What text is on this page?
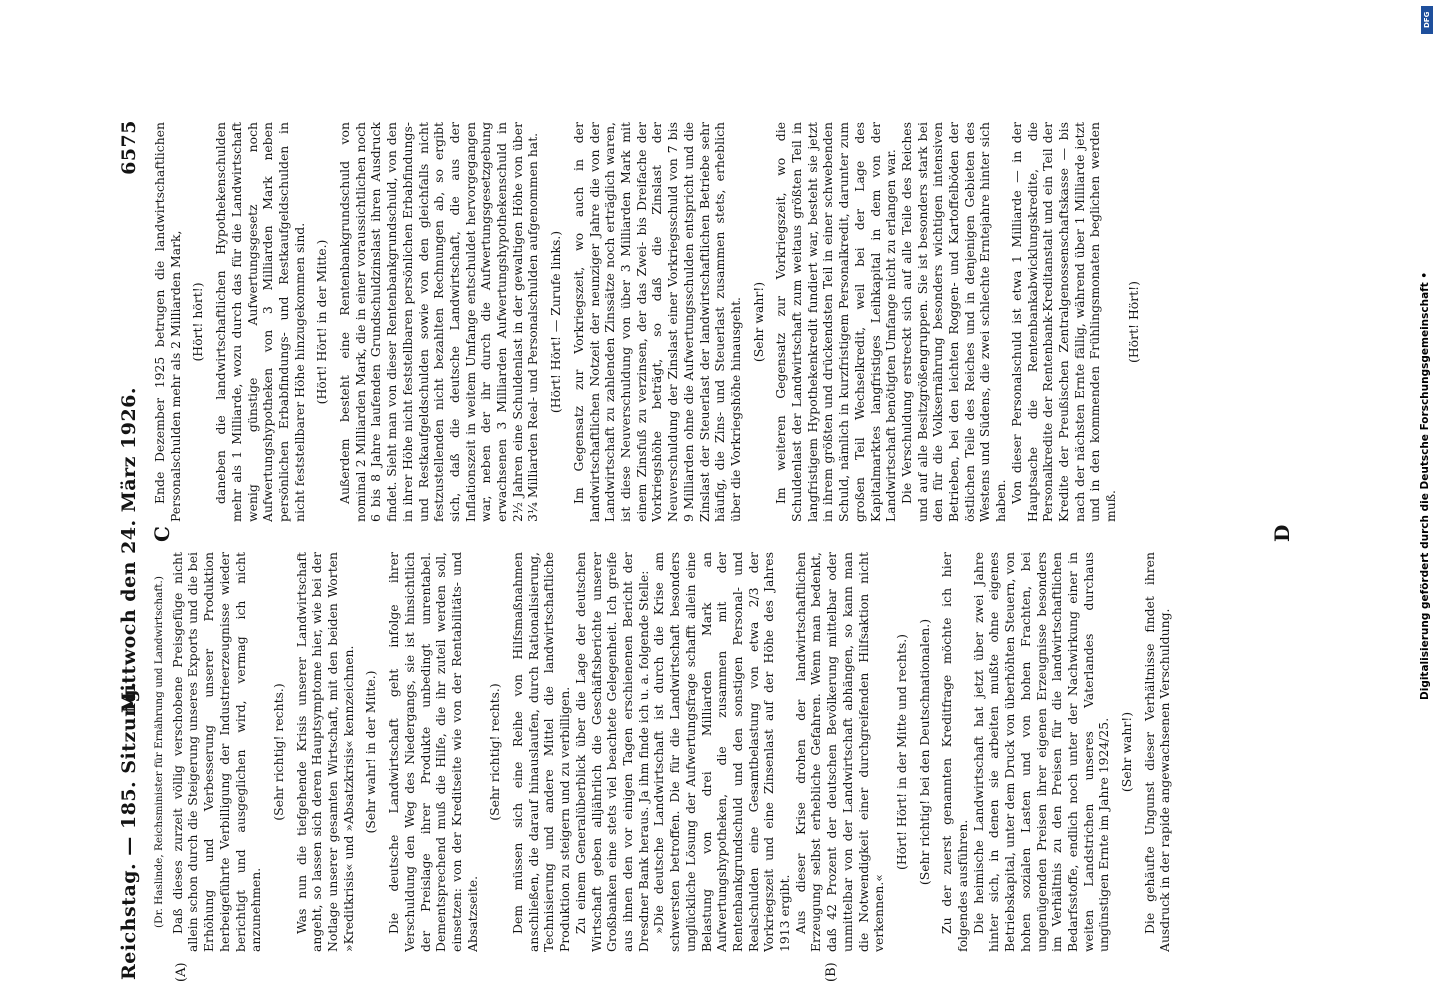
Reichstag. — 185. Sitzung.
Mittwoch den 24. März 1926.
6575
(A)	(B)
C	D
(Dr. Haslinde, Reichsminister für Ernährung und Landwirtschaft.) Daß dieses zurzeit völlig verschobene Preisgefüge nicht allein schon durch die Steigerung unseres Exports und die bei Erhöhung und Verbesserung unserer Produktion herbeigeführte Verbilligung der Industrieerzeugnisse wieder berichtigt und ausgeglichen wird, vermag ich nicht anzunehmen.

(Sehr richtig! rechts.) Was nun die tiefgehende Krisis unserer Landwirtschaft angeht, so lassen sich deren Hauptsymptome hier, wie bei der Notlage unserer gesamten Wirtschaft, mit den beiden Worten »Kreditkrisis« und »Absatzkrisis« kennzeichnen. (Sehr wahr! in der Mitte.) Die deutsche Landwirtschaft geht infolge ihrer Verschuldung den Weg des Niedergangs, sie ist hinsichtlich der Preislage ihrer Produkte unbedingt unrentabel. Dementsprechend muß die Hilfe, die ihr zuteil werden soll, einsetzen: von der Kreditseite wie von der Rentabilitäts- und Absatzseite.

(Sehr richtig! rechts.) Dem müssen sich eine Reihe von Hilfsmaßnahmen anschließen, die darauf hinauslaufen, durch Rationalisierung, Technisierung und andere Mittel die landwirtschaftliche Produktion zu steigern und zu verbilligen. Zu einem Generalüberblick über die Lage der deutschen Wirtschaft geben alljährlich die Geschäftsberichte unserer Großbanken eine stets viel beachtete Gelegenheit. Ich greife aus ihnen den vor einigen Tagen erschienenen Bericht der Dresdner Bank heraus. Ja ihm finde ich u. a. folgende Stelle: »Die deutsche Landwirtschaft ist durch die Krise am schwersten betroffen. Die für die Landwirtschaft besonders unglückliche Lösung der Aufwertungsfrage schafft allein eine Belastung von drei Milliarden Mark an Aufwertungshypotheken, die zusammen mit der Rentenbankgrundschuld und den sonstigen Personal- und Realschulden eine Gesamtbelastung von etwa 2/3 der Vorkriegszeit und eine Zinsenlast auf der Höhe des Jahres 1913 ergibt. Aus dieser Krise drohen der landwirtschaftlichen Erzeugung selbst erhebliche Gefahren. Wenn man bedenkt, daß 42 Prozent der deutschen Bevölkerung mittelbar oder unmittelbar von der Landwirtschaft abhängen, so kann man die Notwendigkeit einer durchgreifenden Hilfsaktion nicht verkennen.«

(Hört! Hört! in der Mitte und rechts.) (Sehr richtig! bei den Deutschnationalen.) Zu der zuerst genannten Kreditfrage möchte ich hier folgendes ausführen. Die heimische Landwirtschaft hat jetzt über zwei Jahre hinter sich, in denen sie arbeiten mußte ohne eigenes Betriebskapital, unter dem Druck von überhöhten Steuern, von hohen sozialen Lasten und von hohen Frachten, bei ungenügenden Preisen ihrer eigenen Erzeugnisse besonders im Verhältnis zu den Preisen für die landwirtschaftlichen Bedarfsstoffe, endlich noch unter der Nachwirkung einer in weiten Landstrichen unseres Vaterlandes durchaus ungünstigen Ernte im Jahre 1924/25. (Sehr wahr!) Die gehäufte Ungunst dieser Verhältnisse findet ihren Ausdruck in der rapide angewachsenen Verschuldung.

Ende Dezember 1925 betrugen die landwirtschaftlichen Personalschulden mehr als 2 Milliarden Mark, (Hört! hört!) daneben die landwirtschaftlichen Hypothekenschulden mehr als 1 Milliarde, wozu durch das für die Landwirtschaft wenig günstige Aufwertungsgesetz noch Aufwertungshypotheken von 3 Milliarden Mark neben persönlichen Erbabfindungs- und Restkaufgeldschulden in nicht feststellbarer Höhe hinzugekommen sind. (Hört! Hört! in der Mitte.) Außerdem besteht eine Rentenbankgrundschuld von nominal 2 Milliarden Mark, die in einer voraussichtlichen noch 6 bis 8 Jahre laufenden Grundschuldzinslast ihren Ausdruck findet. Sieht man von dieser Rentenbankgrundschuld, von den in ihrer Höhe nicht feststellbaren persönlichen Erbabfindungs- und Restkaufgeldschulden sowie von den gleichfalls nicht festzustellenden nicht bezahlten Rechnungen ab, so ergibt sich, daß die deutsche Landwirtschaft, die aus der Inflationszeit in weitem Umfange entschuldet hervorgegangen war, neben der ihr durch die Aufwertungsgesetzgebung erwachsenen 3 Milliarden Aufwertungshypothekenschuld in 2½ Jahren eine Schuldenlast in der gewaltigen Höhe von über 3¼ Milliarden Real- und Personalschulden aufgenommen hat. (Hört! Hört! — Zurufe links.) Im Gegensatz zur Vorkriegszeit, wo auch in der landwirtschaftlichen Notzeit der neunziger Jahre die von der Landwirtschaft zu zahlenden Zinssätze noch erträglich waren, ist diese Neuverschuldung von über 3 Milliarden Mark mit einem Zinsfuß zu verzinsen, der das Zwei- bis Dreifache der Vorkriegshöhe beträgt, so daß die Zinslast der Neuverschuldung der Zinslast einer Vorkriegsschuld von 7 bis 9 Milliarden ohne die Aufwertungsschulden entspricht und die Zinslast der Steuerlast der landwirtschaftlichen Betriebe sehr häufig, die Zins- und Steuerlast zusammen stets, erheblich über die Vorkriegshöhe hinausgeht. (Sehr wahr!) Im weiteren Gegensatz zur Vorkriegszeit, wo die Schuldenlast der Landwirtschaft zum weitaus größten Teil in langfristigem Hypothekenkredit fundiert war, besteht sie jetzt in ihrem größten und drückendsten Teil in einer schwebenden Schuld, nämlich in kurzfristigem Personalkredit, darunter zum großen Teil Wechselkredit, weil bei der Lage des Kapitalmarktes langfristiges Leihkapital in dem von der Landwirtschaft benötigten Umfange nicht zu erlangen war. Die Verschuldung erstreckt sich auf alle Teile des Reiches und auf alle Besitzgrößengruppen. Sie ist besonders stark bei den für die Volksernährung besonders wichtigen intensiven Betrieben, bei den leichten Roggen- und Kartoffelböden der östlichen Teile des Reiches und in denjenigen Gebieten des Westens und Südens, die zwei schlechte Erntejahre hinter sich haben. Von dieser Personalschuld ist etwa 1 Milliarde — in der Hauptsache die Rentenbankabwicklungskredite, die Personalkredite der Rentenbank-Kreditanstalt und ein Teil der Kredite der Preußischen Zentralgenossenschaftskasse — bis nach der nächsten Ernte fällig, während über 1 Milliarde jetzt und in den kommenden Frühlingsmonaten beglichen werden muß.

(Hört! Hört!)

DFG
Digitalisierung gefördert durch die Deutsche Forschungsgemeinschaft •
